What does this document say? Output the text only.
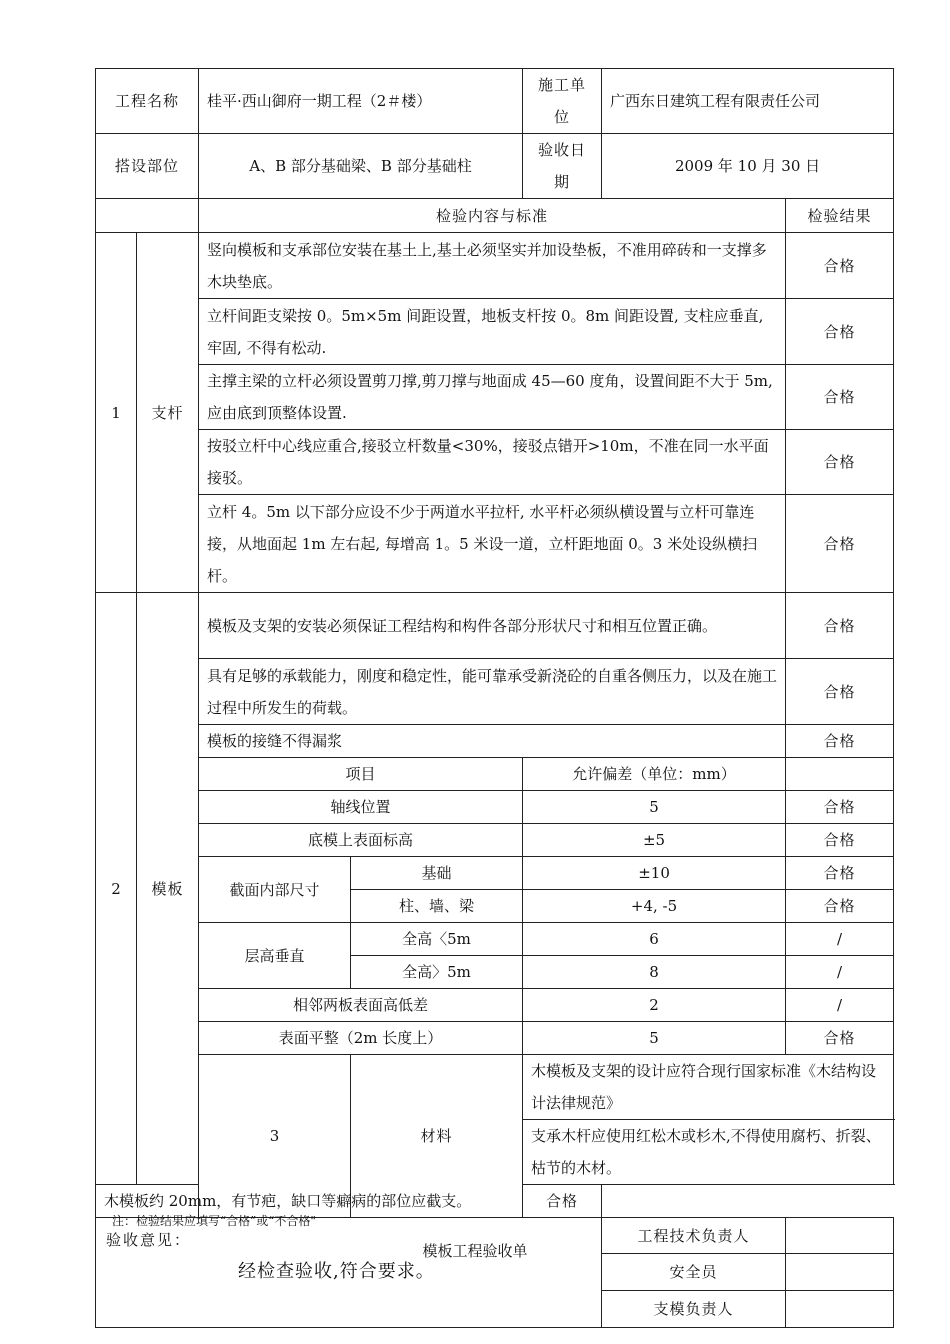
工程名称		桂平·西山御府一期工程（2＃楼）		施工单位	广西东日建筑工程有限责任公司		
搭设部位		A、B 部分基础梁、B 部分基础柱		验收日期	2009 年 10 月 30 日		
		检验内容与标准				检验结果	
1	支杆	竖向模板和支承部位安装在基土上,基土必须坚实并加设垫板，不准用碎砖和一支撑多木块垫底。				合格	
		立杆间距支梁按 0。5m×5m 间距设置，地板支杆按 0。8m 间距设置, 支柱应垂直, 牢固, 不得有松动.				合格	
		主撑主梁的立杆必须设置剪刀撑,剪刀撑与地面成 45—60 度角，设置间距不大于 5m, 应由底到顶整体设置.				合格	
		按驳立杆中心线应重合,接驳立杆数量<30%，接驳点错开>10m，不准在同一水平面接驳。				合格	
		立杆 4。5m 以下部分应设不少于两道水平拉杆, 水平杆必须纵横设置与立杆可靠连接，从地面起 1m 左右起, 每增高 1。5 米设一道，立杆距地面 0。3 米处设纵横扫杆。				合格	
2	模板	模板及支架的安装必须保证工程结构和构件各部分形状尺寸和相互位置正确。				合格	
		具有足够的承载能力，刚度和稳定性，能可靠承受新浇砼的自重各侧压力，以及在施工过程中所发生的荷载。				合格	
		模板的接缝不得漏浆				合格	
		项目		允许偏差（单位：mm）			
		轴线位置		5		合格	
		底模上表面标高		±5		合格	
		截面内部尺寸	基础	±10		合格	
			柱、墙、梁	+4, -5		合格	
		层高垂直	全高〈5m	6		/	
			全高〉5m	8		/	
		相邻两板表面高低差		2		/	
		表面平整（2m 长度上）		5		合格	
		3	材料	木模板及支架的设计应符合现行国家标准《木结构设计法律规范》	
				支承木杆应使用红松木或杉木,不得使用腐朽、折裂、枯节的木材。	
木模板约 20mm，有节疤，缺口等癖病的部位应截支。				合格			

验收意见：
经检查验收,符合要求。					工程技术负责人		
					安全员		
					支模负责人		
注：检验结果应填写“合格”或“不合格"
模板工程验收单
